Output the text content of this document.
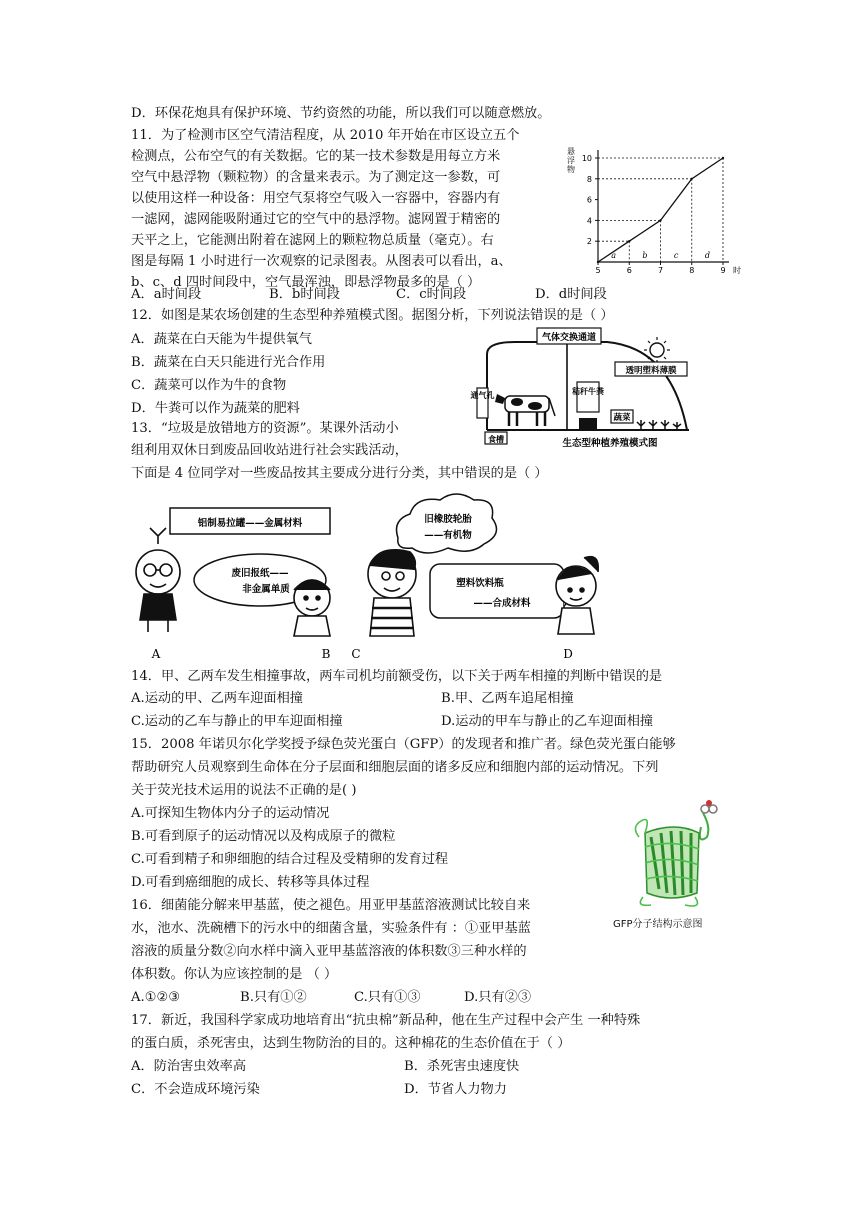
D．环保花炮具有保护环境、节约资然的功能，所以我们可以随意燃放。
11．为了检测市区空气清洁程度，从 2010 年开始在市区设立五个
检测点，公布空气的有关数据。它的某一技术参数是用每立方米
空气中悬浮物（颗粒物）的含量来表示。为了测定这一参数，可
以使用这样一种设备：用空气泵将空气吸入一容器中，容器内有
一滤网，滤网能吸附通过它的空气中的悬浮物。滤网置于精密的
天平之上，它能测出附着在滤网上的颗粒物总质量（毫克）。右
图是每隔 1 小时进行一次观察的记录图表。从图表可以看出，a、
b、c、d 四时间段中，空气最浑浊，即悬浮物最多的是（ ）
A．a时间段	B．b时间段	C．c时间段	D．d时间段
2
4
6
8
10
5	6	7	8	9
a	b	c	d
悬
浮
物
时
12．如图是某农场创建的生态型种养殖模式图。据图分析，下列说法错误的是（ ）
A．蔬菜在白天能为牛提供氧气
B．蔬菜在白天只能进行光合作用
C．蔬菜可以作为牛的食物
D．牛粪可以作为蔬菜的肥料
气体交换通道
透明塑料薄膜
通气孔	秸秆牛粪
蔬菜
食槽	生态型种植养殖模式图
13．“垃圾是放错地方的资源”。某课外活动小
组利用双休日到废品回收站进行社会实践活动，
下面是 4 位同学对一些废品按其主要成分进行分类，其中错误的是（ ）
铝制易拉罐——金属材料
废旧报纸——
非金属单质
旧橡胶轮胎
——有机物
塑料饮料瓶
——合成材料
A	B C	D
14．甲、乙两车发生相撞事故，两车司机均前额受伤，以下关于两车相撞的判断中错误的是
A.运动的甲、乙两车迎面相撞	B.甲、乙两车追尾相撞
C.运动的乙车与静止的甲车迎面相撞	D.运动的甲车与静止的乙车迎面相撞
15．2008 年诺贝尔化学奖授予绿色荧光蛋白（GFP）的发现者和推广者。绿色荧光蛋白能够
帮助研究人员观察到生命体在分子层面和细胞层面的诸多反应和细胞内部的运动情况。下列
关于荧光技术运用的说法不正确的是( )
A.可探知生物体内分子的运动情况
B.可看到原子的运动情况以及构成原子的微粒
C.可看到精子和卵细胞的结合过程及受精卵的发育过程
D.可看到癌细胞的成长、转移等具体过程
GFP分子结构示意图
16．细菌能分解来甲基蓝，使之褪色。用亚甲基蓝溶液测试比较自来
水，池水、洗碗槽下的污水中的细菌含量，实验条件有 ：①亚甲基蓝
溶液的质量分数②向水样中滴入亚甲基蓝溶液的体积数③三种水样的
体积数。你认为应该控制的是 （ ）
A.①②③	B.只有①②	C.只有①③	D.只有②③
17．新近，我国科学家成功地培育出“抗虫棉”新品种，他在生产过程中会产生 一种特殊
的蛋白质，杀死害虫，达到生物防治的目的。这种棉花的生态价值在于（ ）
A．防治害虫效率高	B．杀死害虫速度快
C．不会造成环境污染	D．节省人力物力
